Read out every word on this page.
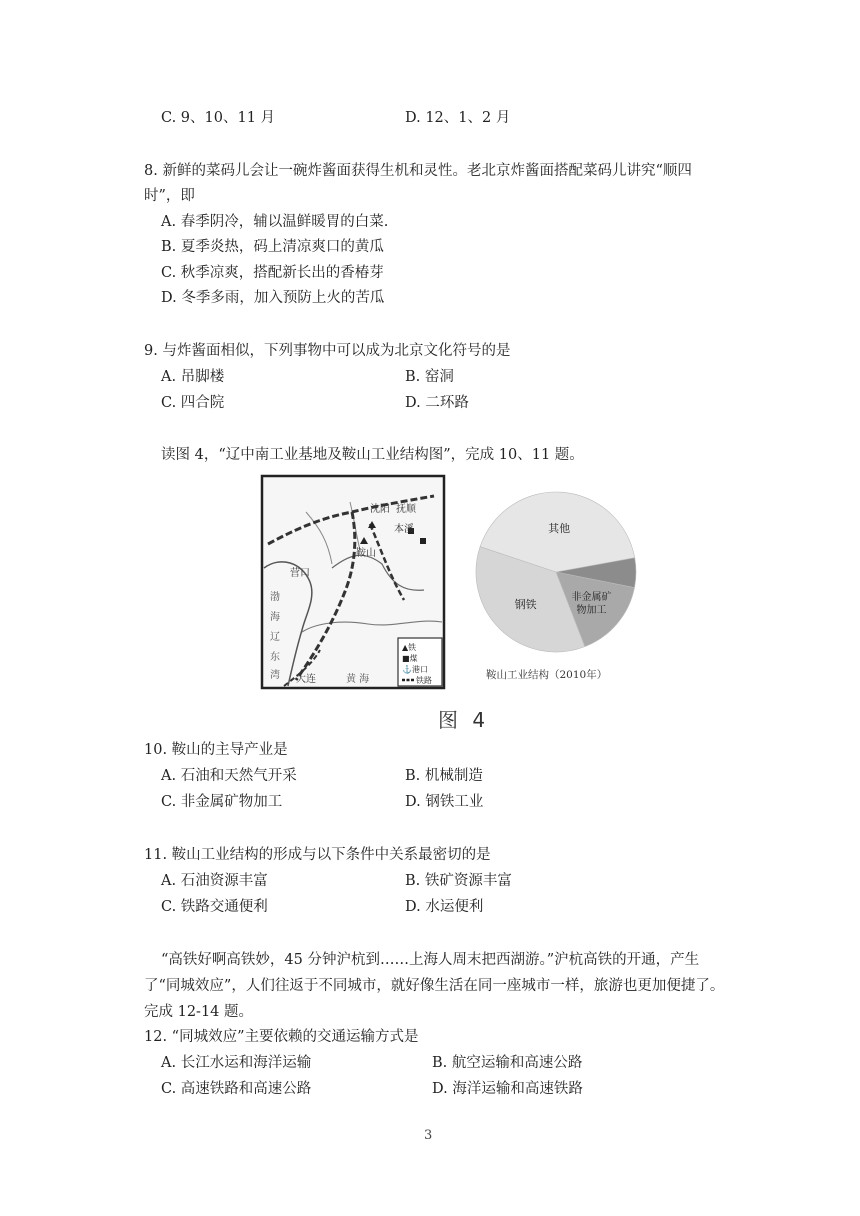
C. 9、10、11 月	D. 12、1、2 月
8. 新鲜的菜码儿会让一碗炸酱面获得生机和灵性。老北京炸酱面搭配菜码儿讲究“顺四
时”，即
A. 春季阴冷，辅以温鲜暖胃的白菜.
B. 夏季炎热，码上清凉爽口的黄瓜
C. 秋季凉爽，搭配新长出的香椿芽
D. 冬季多雨，加入预防上火的苦瓜
9. 与炸酱面相似，下列事物中可以成为北京文化符号的是
A. 吊脚楼	B. 窑洞
C. 四合院	D. 二环路
读图 4，“辽中南工业基地及鞍山工业结构图”，完成 10、11 题。
沈阳 抚顺
本溪
鞍山
营口
大连
渤
海
辽
东
湾	黄 海
▲铁
■煤
⚓港口
铁路
非金属矿
物加工
钢铁
其他
鞍山工业结构（2010年）
图 4
10. 鞍山的主导产业是
A. 石油和天然气开采	B. 机械制造
C. 非金属矿物加工	D. 钢铁工业
11. 鞍山工业结构的形成与以下条件中关系最密切的是
A. 石油资源丰富	B. 铁矿资源丰富
C. 铁路交通便利	D. 水运便利
“高铁好啊高铁妙，45 分钟沪杭到……上海人周末把西湖游。”沪杭高铁的开通，产生
了“同城效应”，人们往返于不同城市，就好像生活在同一座城市一样，旅游也更加便捷了。
完成 12-14 题。
12. “同城效应”主要依赖的交通运输方式是
A. 长江水运和海洋运输	B. 航空运输和高速公路
C. 高速铁路和高速公路	D. 海洋运输和高速铁路
3
